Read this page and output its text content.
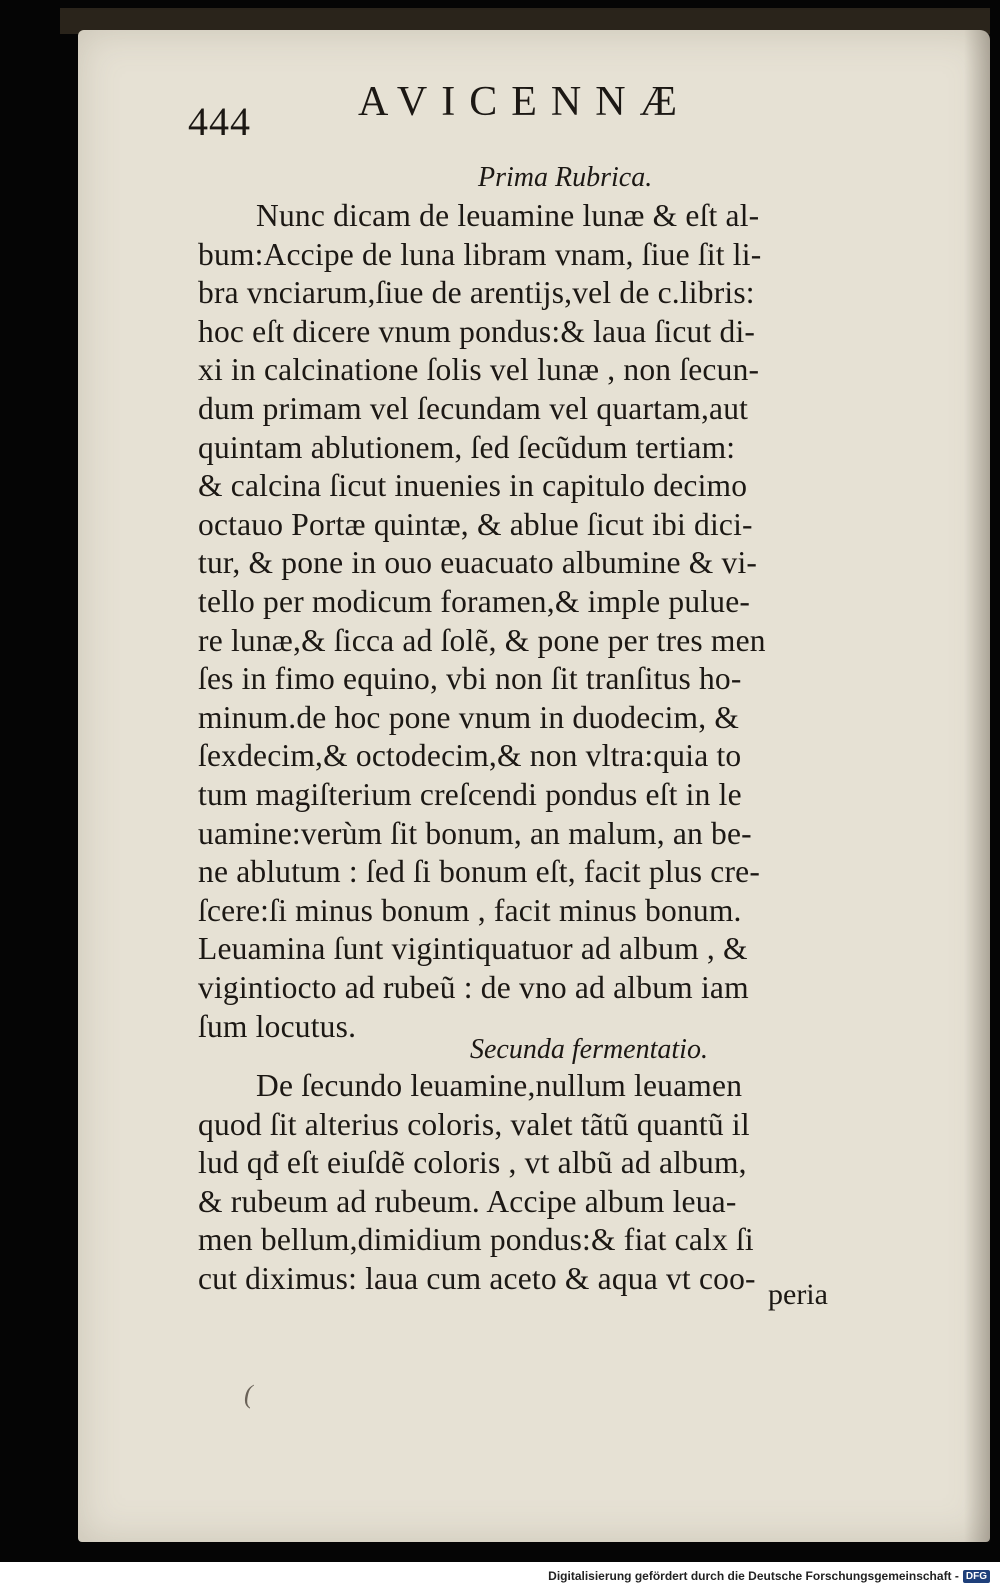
444	AVICENNÆ
Prima Rubrica.
Nunc dicam de leuamine lunæ & eſt al-
bum:Accipe de luna libram vnam, ſiue ſit li-
bra vnciarum,ſiue de arentijs,vel de c.libris:
hoc eſt dicere vnum pondus:& laua ſicut di-
xi in calcinatione ſolis vel lunæ , non ſecun-
dum primam vel ſecundam vel quartam,aut
quintam ablutionem, ſed ſecũdum tertiam:
& calcina ſicut inuenies in capitulo decimo
octauo Portæ quintæ, & ablue ſicut ibi dici-
tur, & pone in ouo euacuato albumine & vi-
tello per modicum foramen,& imple pulue-
re lunæ,& ſicca ad ſolẽ, & pone per tres men
ſes in fimo equino, vbi non ſit tranſitus ho-
minum.de hoc pone vnum in duodecim, &
ſexdecim,& octodecim,& non vltra:quia to
tum magiſterium creſcendi pondus eſt in le
uamine:verùm ſit bonum, an malum, an be-
ne ablutum : ſed ſi bonum eſt, facit plus cre-
ſcere:ſi minus bonum , facit minus bonum.
Leuamina ſunt vigintiquatuor ad album , &
vigintiocto ad rubeũ : de vno ad album iam
ſum locutus.
Secunda fermentatio.
De ſecundo leuamine,nullum leuamen
quod ſit alterius coloris, valet tãtũ quantũ il
lud qđ eſt eiuſdẽ coloris , vt albũ ad album,
& rubeum ad rubeum. Accipe album leua-
men bellum,dimidium pondus:& fiat calx ſi
cut diximus: laua cum aceto & aqua vt coo- peria
(
Digitalisierung gefördert durch die Deutsche Forschungsgemeinschaft - DFG
